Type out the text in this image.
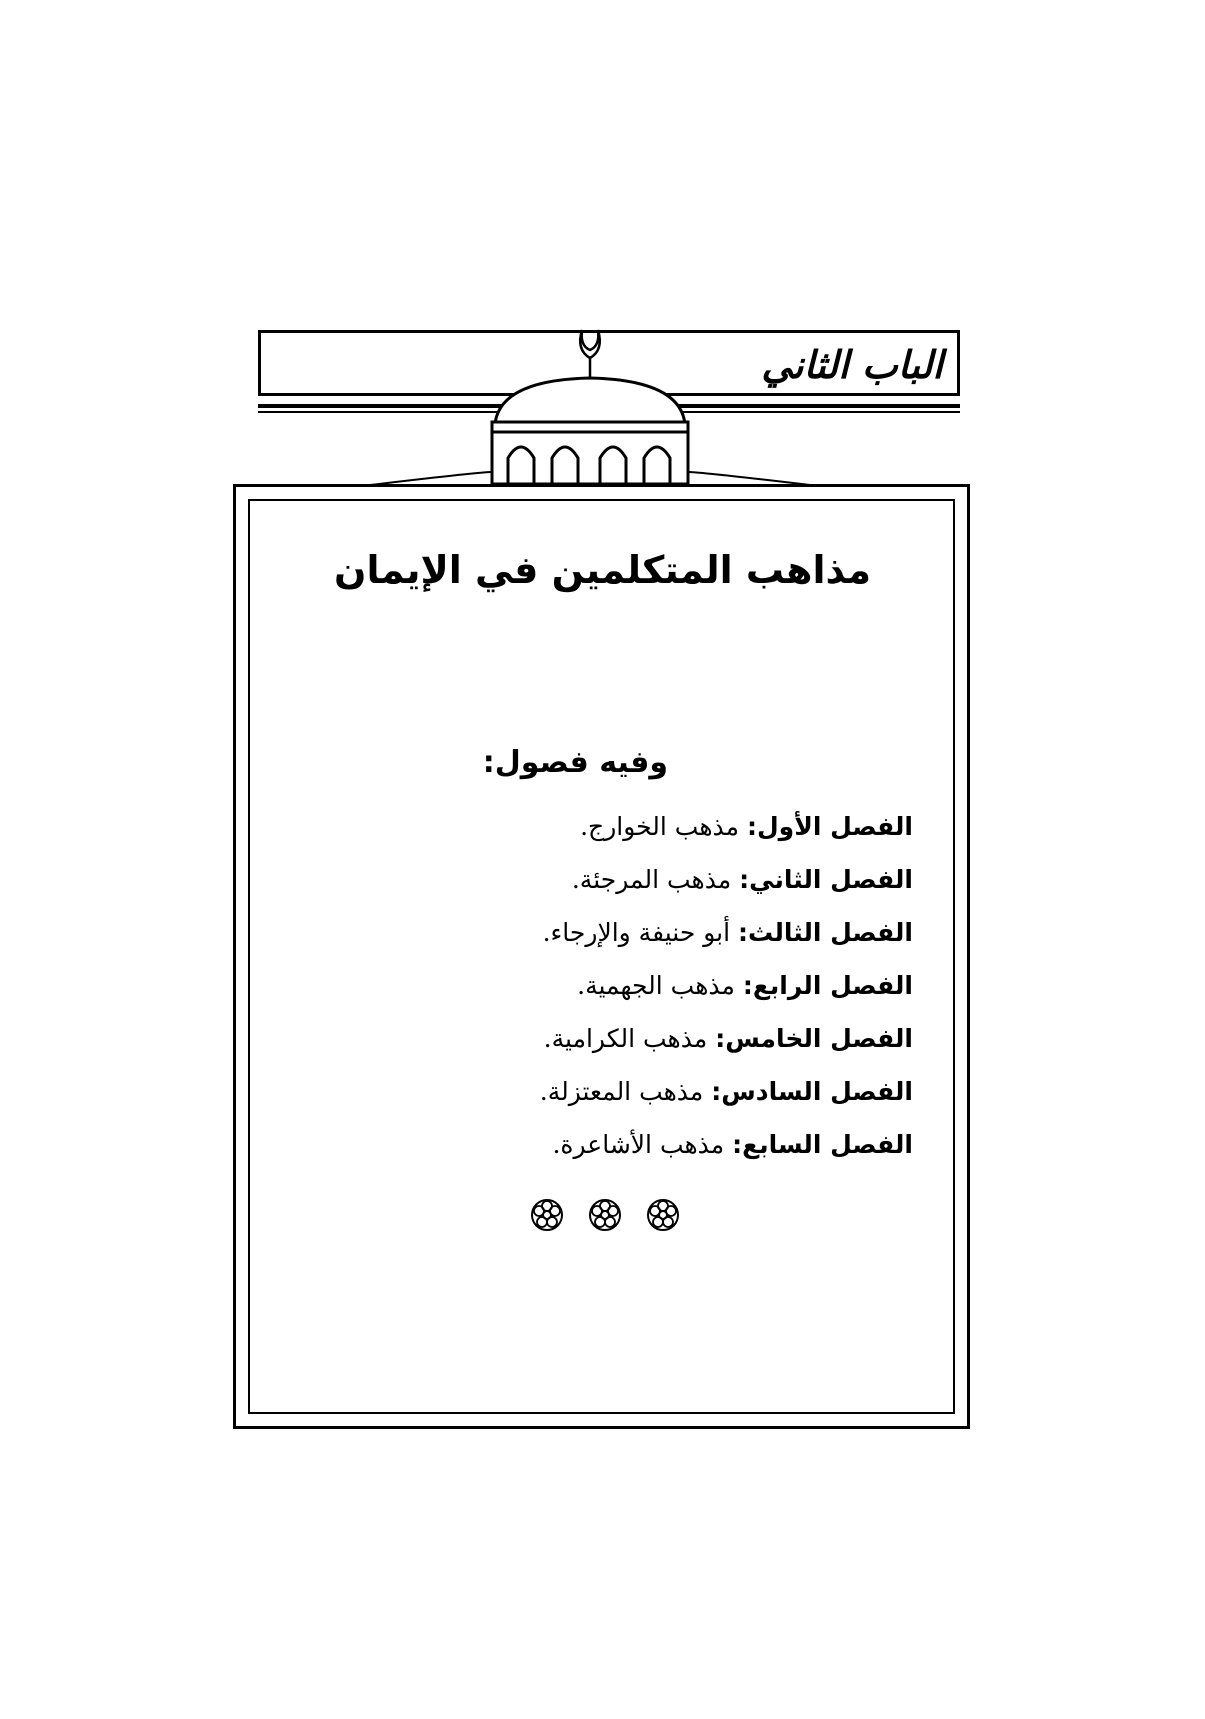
الباب الثاني
مذاهب المتكلمين في الإيمان
وفيه فصول:
الفصل الأول: مذهب الخوارج.
الفصل الثاني: مذهب المرجئة.
الفصل الثالث: أبو حنيفة والإرجاء.
الفصل الرابع: مذهب الجهمية.
الفصل الخامس: مذهب الكرامية.
الفصل السادس: مذهب المعتزلة.
الفصل السابع: مذهب الأشاعرة.
